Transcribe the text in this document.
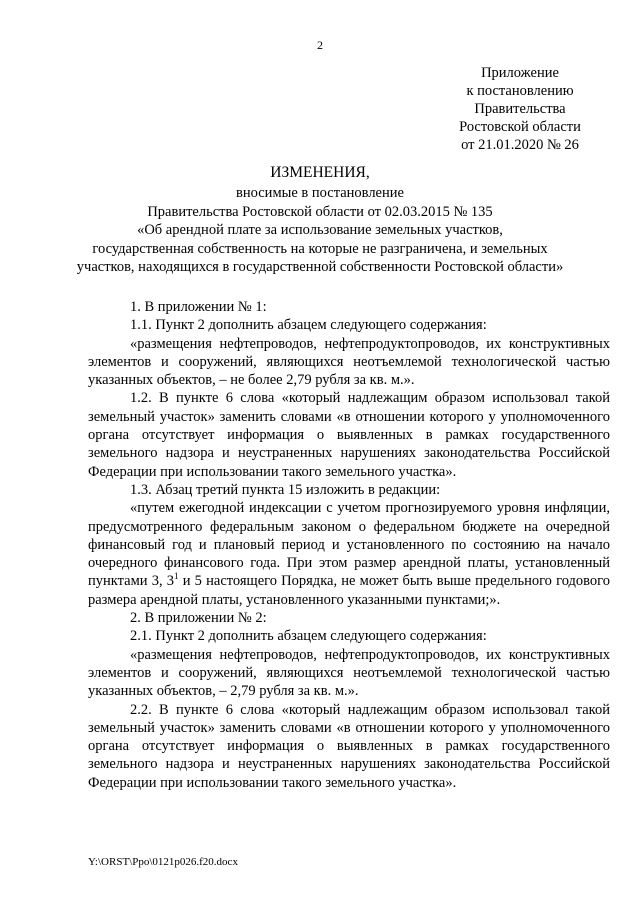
2
Приложение
к постановлению
Правительства
Ростовской области
от 21.01.2020 № 26
ИЗМЕНЕНИЯ,
вносимые в постановление
Правительства Ростовской области от 02.03.2015 № 135
«Об арендной плате за использование земельных участков,
государственная собственность на которые не разграничена, и земельных
участков, находящихся в государственной собственности Ростовской области»

1. В приложении № 1:

1.1. Пункт 2 дополнить абзацем следующего содержания:

«размещения нефтепроводов, нефтепродуктопроводов, их конструктивных элементов и сооружений, являющихся неотъемлемой технологической частью указанных объектов, – не более 2,79 рубля за кв. м.».

1.2. В пункте 6 слова «который надлежащим образом использовал такой земельный участок» заменить словами «в отношении которого у уполномоченного органа отсутствует информация о выявленных в рамках государственного земельного надзора и неустраненных нарушениях законодательства Российской Федерации при использовании такого земельного участка».

1.3. Абзац третий пункта 15 изложить в редакции:

«путем ежегодной индексации с учетом прогнозируемого уровня инфляции, предусмотренного федеральным законом о федеральном бюджете на очередной финансовый год и плановый период и установленного по состоянию на начало очередного финансового года. При этом размер арендной платы, установленный пунктами 3, $3^1$ и 5 настоящего Порядка, не может быть выше предельного годового размера арендной платы, установленного указанными пунктами;».

2. В приложении № 2:

2.1. Пункт 2 дополнить абзацем следующего содержания:

«размещения нефтепроводов, нефтепродуктопроводов, их конструктивных элементов и сооружений, являющихся неотъемлемой технологической частью указанных объектов, – 2,79 рубля за кв. м.».

2.2. В пункте 6 слова «который надлежащим образом использовал такой земельный участок» заменить словами «в отношении которого у уполномоченного органа отсутствует информация о выявленных в рамках государственного земельного надзора и неустраненных нарушениях законодательства Российской Федерации при использовании такого земельного участка».

Y:\ORST\Ppo\0121p026.f20.docx
